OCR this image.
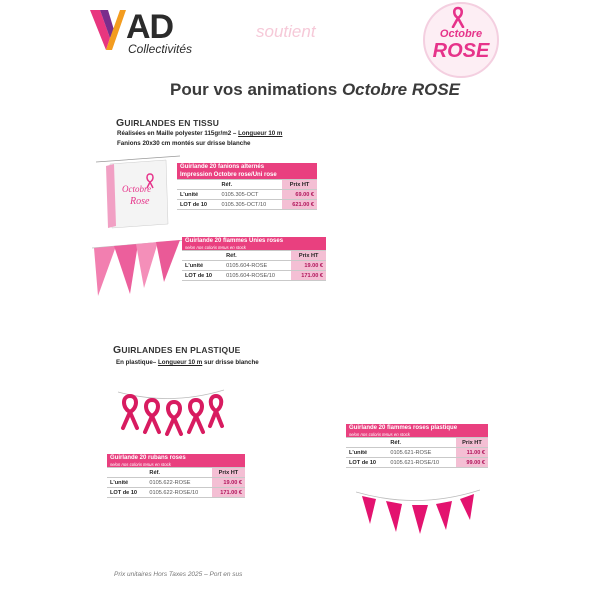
AD
Collectivités
soutient	Octobre
ROSE
Pour vos animations Octobre ROSE
GUIRLANDES EN TISSU
Réalisées en Maille polyester 115gr/m2 – Longueur 10 m
Fanions 20x30 cm montés sur drisse blanche
Octobre
Rose
Guirlande 20 fanions alternés
Impression Octobre rose/Uni rose		
	Réf.	Prix HT
L'unité	0105.305-OCT	69.00 €
LOT de 10	0105.305-OCT/10	621.00 €
Guirlande 20 flammes Unies roses
selon nos coloris tenus en stock		

	Réf.	Prix HT
L'unité	0105.604-ROSE	19.00 €
LOT de 10	0105.604-ROSE/10	171.00 €
GUIRLANDES EN PLASTIQUE
En plastique– Longueur 10 m sur drisse blanche
Guirlande 20 rubans roses
selon nos coloris tenus en stock		

	Réf.	Prix HT
L'unité	0105.622-ROSE	19.00 €
LOT de 10	0105.622-ROSE/10	171.00 €
Guirlande 20 flammes roses plastique
selon nos coloris tenus en stock		

	Réf.	Prix HT
L'unité	0105.621-ROSE	11.00 €
LOT de 10	0105.621-ROSE/10	99.00 €
Prix unitaires Hors Taxes 2025 – Port en sus
